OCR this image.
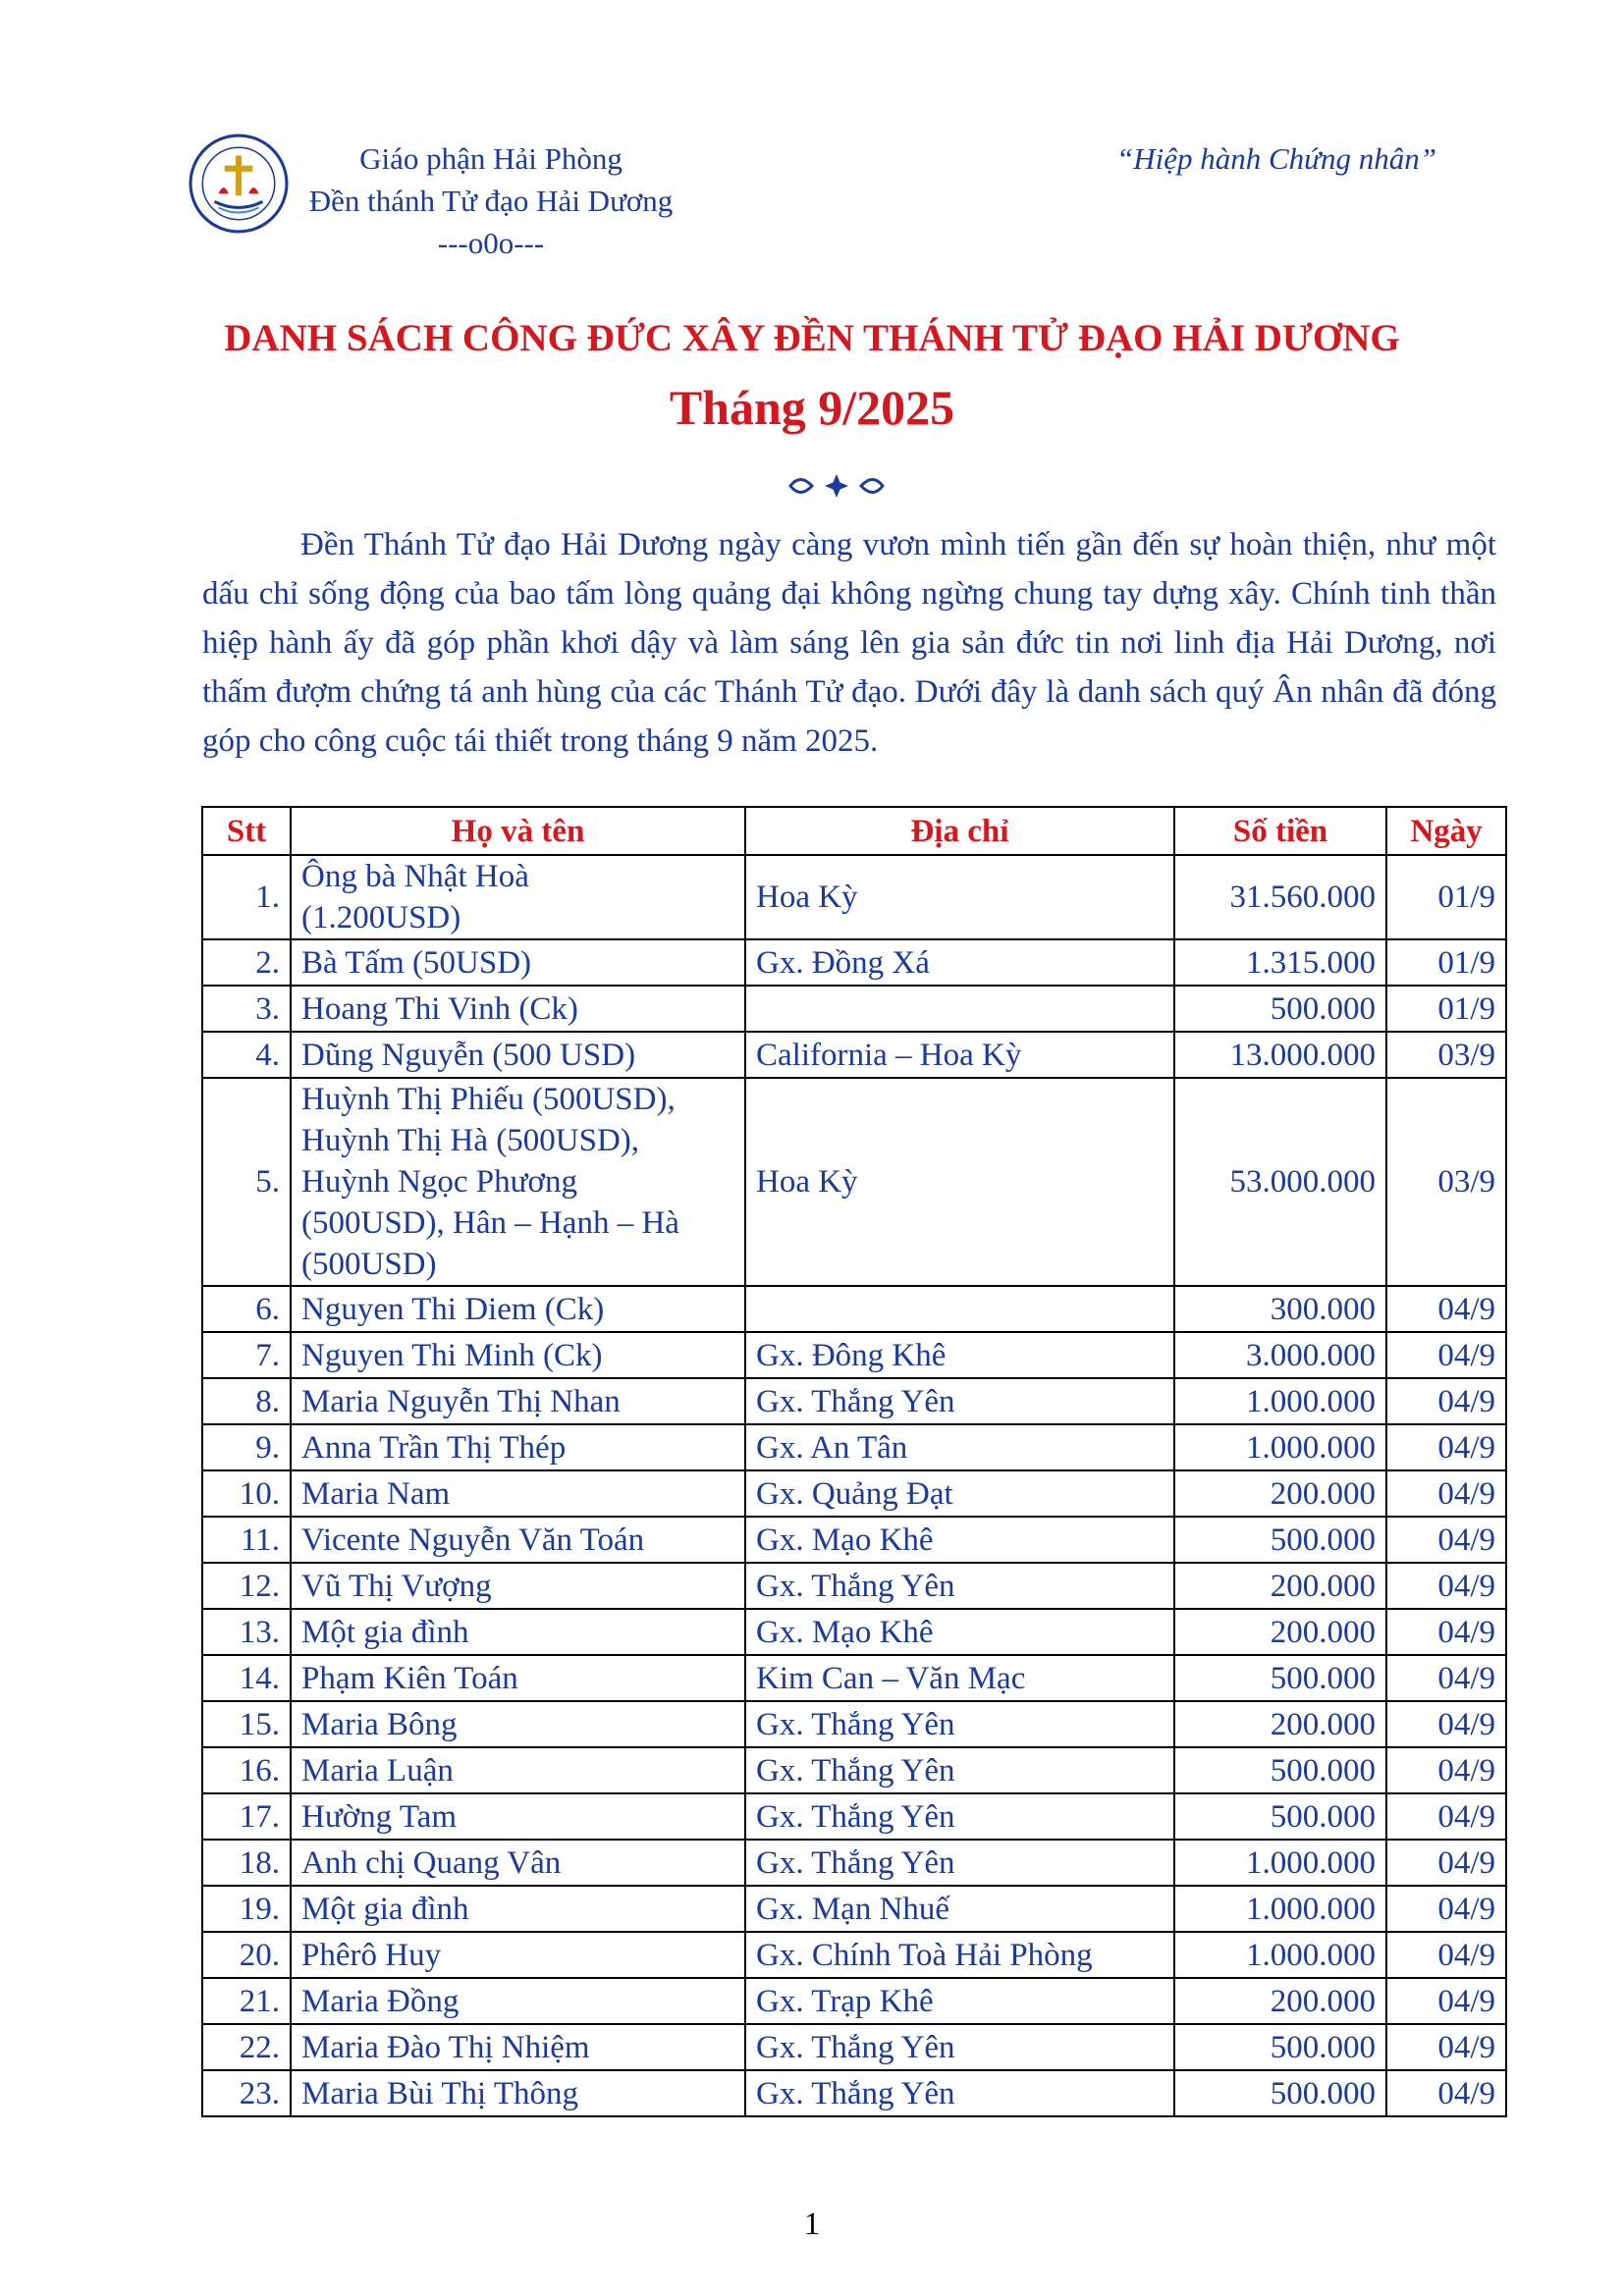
Giáo phận Hải Phòng
Đền thánh Tử đạo Hải Dương
---o0o---
“Hiệp hành Chứng nhân”
DANH SÁCH CÔNG ĐỨC XÂY ĐỀN THÁNH TỬ ĐẠO HẢI DƯƠNG
Tháng 9/2025

Đền Thánh Tử đạo Hải Dương ngày càng vươn mình tiến gần đến sự hoàn thiện, như một dấu chỉ sống động của bao tấm lòng quảng đại không ngừng chung tay dựng xây. Chính tinh thần hiệp hành ấy đã góp phần khơi dậy và làm sáng lên gia sản đức tin nơi linh địa Hải Dương, nơi thấm đượm chứng tá anh hùng của các Thánh Tử đạo. Dưới đây là danh sách quý Ân nhân đã đóng góp cho công cuộc tái thiết trong tháng 9 năm 2025.

Stt	Họ và tên	Địa chỉ	Số tiền	Ngày
1.	Ông bà Nhật Hoà
(1.200USD)	Hoa Kỳ	31.560.000	01/9
2.	Bà Tấm (50USD)	Gx. Đồng Xá	1.315.000	01/9
3.	Hoang Thi Vinh (Ck)		500.000	01/9
4.	Dũng Nguyễn (500 USD)	California – Hoa Kỳ	13.000.000	03/9
5.	Huỳnh Thị Phiếu (500USD),
Huỳnh Thị Hà (500USD),
Huỳnh Ngọc Phương
(500USD), Hân – Hạnh – Hà
(500USD)	Hoa Kỳ	53.000.000	03/9
6.	Nguyen Thi Diem (Ck)		300.000	04/9
7.	Nguyen Thi Minh (Ck)	Gx. Đông Khê	3.000.000	04/9
8.	Maria Nguyễn Thị Nhan	Gx. Thắng Yên	1.000.000	04/9
9.	Anna Trần Thị Thép	Gx. An Tân	1.000.000	04/9
10.	Maria Nam	Gx. Quảng Đạt	200.000	04/9
11.	Vicente Nguyễn Văn Toán	Gx. Mạo Khê	500.000	04/9
12.	Vũ Thị Vượng	Gx. Thắng Yên	200.000	04/9
13.	Một gia đình	Gx. Mạo Khê	200.000	04/9
14.	Phạm Kiên Toán	Kim Can – Văn Mạc	500.000	04/9
15.	Maria Bông	Gx. Thắng Yên	200.000	04/9
16.	Maria Luận	Gx. Thắng Yên	500.000	04/9
17.	Hường Tam	Gx. Thắng Yên	500.000	04/9
18.	Anh chị Quang Vân	Gx. Thắng Yên	1.000.000	04/9
19.	Một gia đình	Gx. Mạn Nhuế	1.000.000	04/9
20.	Phêrô Huy	Gx. Chính Toà Hải Phòng	1.000.000	04/9
21.	Maria Đồng	Gx. Trạp Khê	200.000	04/9
22.	Maria Đào Thị Nhiệm	Gx. Thắng Yên	500.000	04/9
23.	Maria Bùi Thị Thông	Gx. Thắng Yên	500.000	04/9
1
